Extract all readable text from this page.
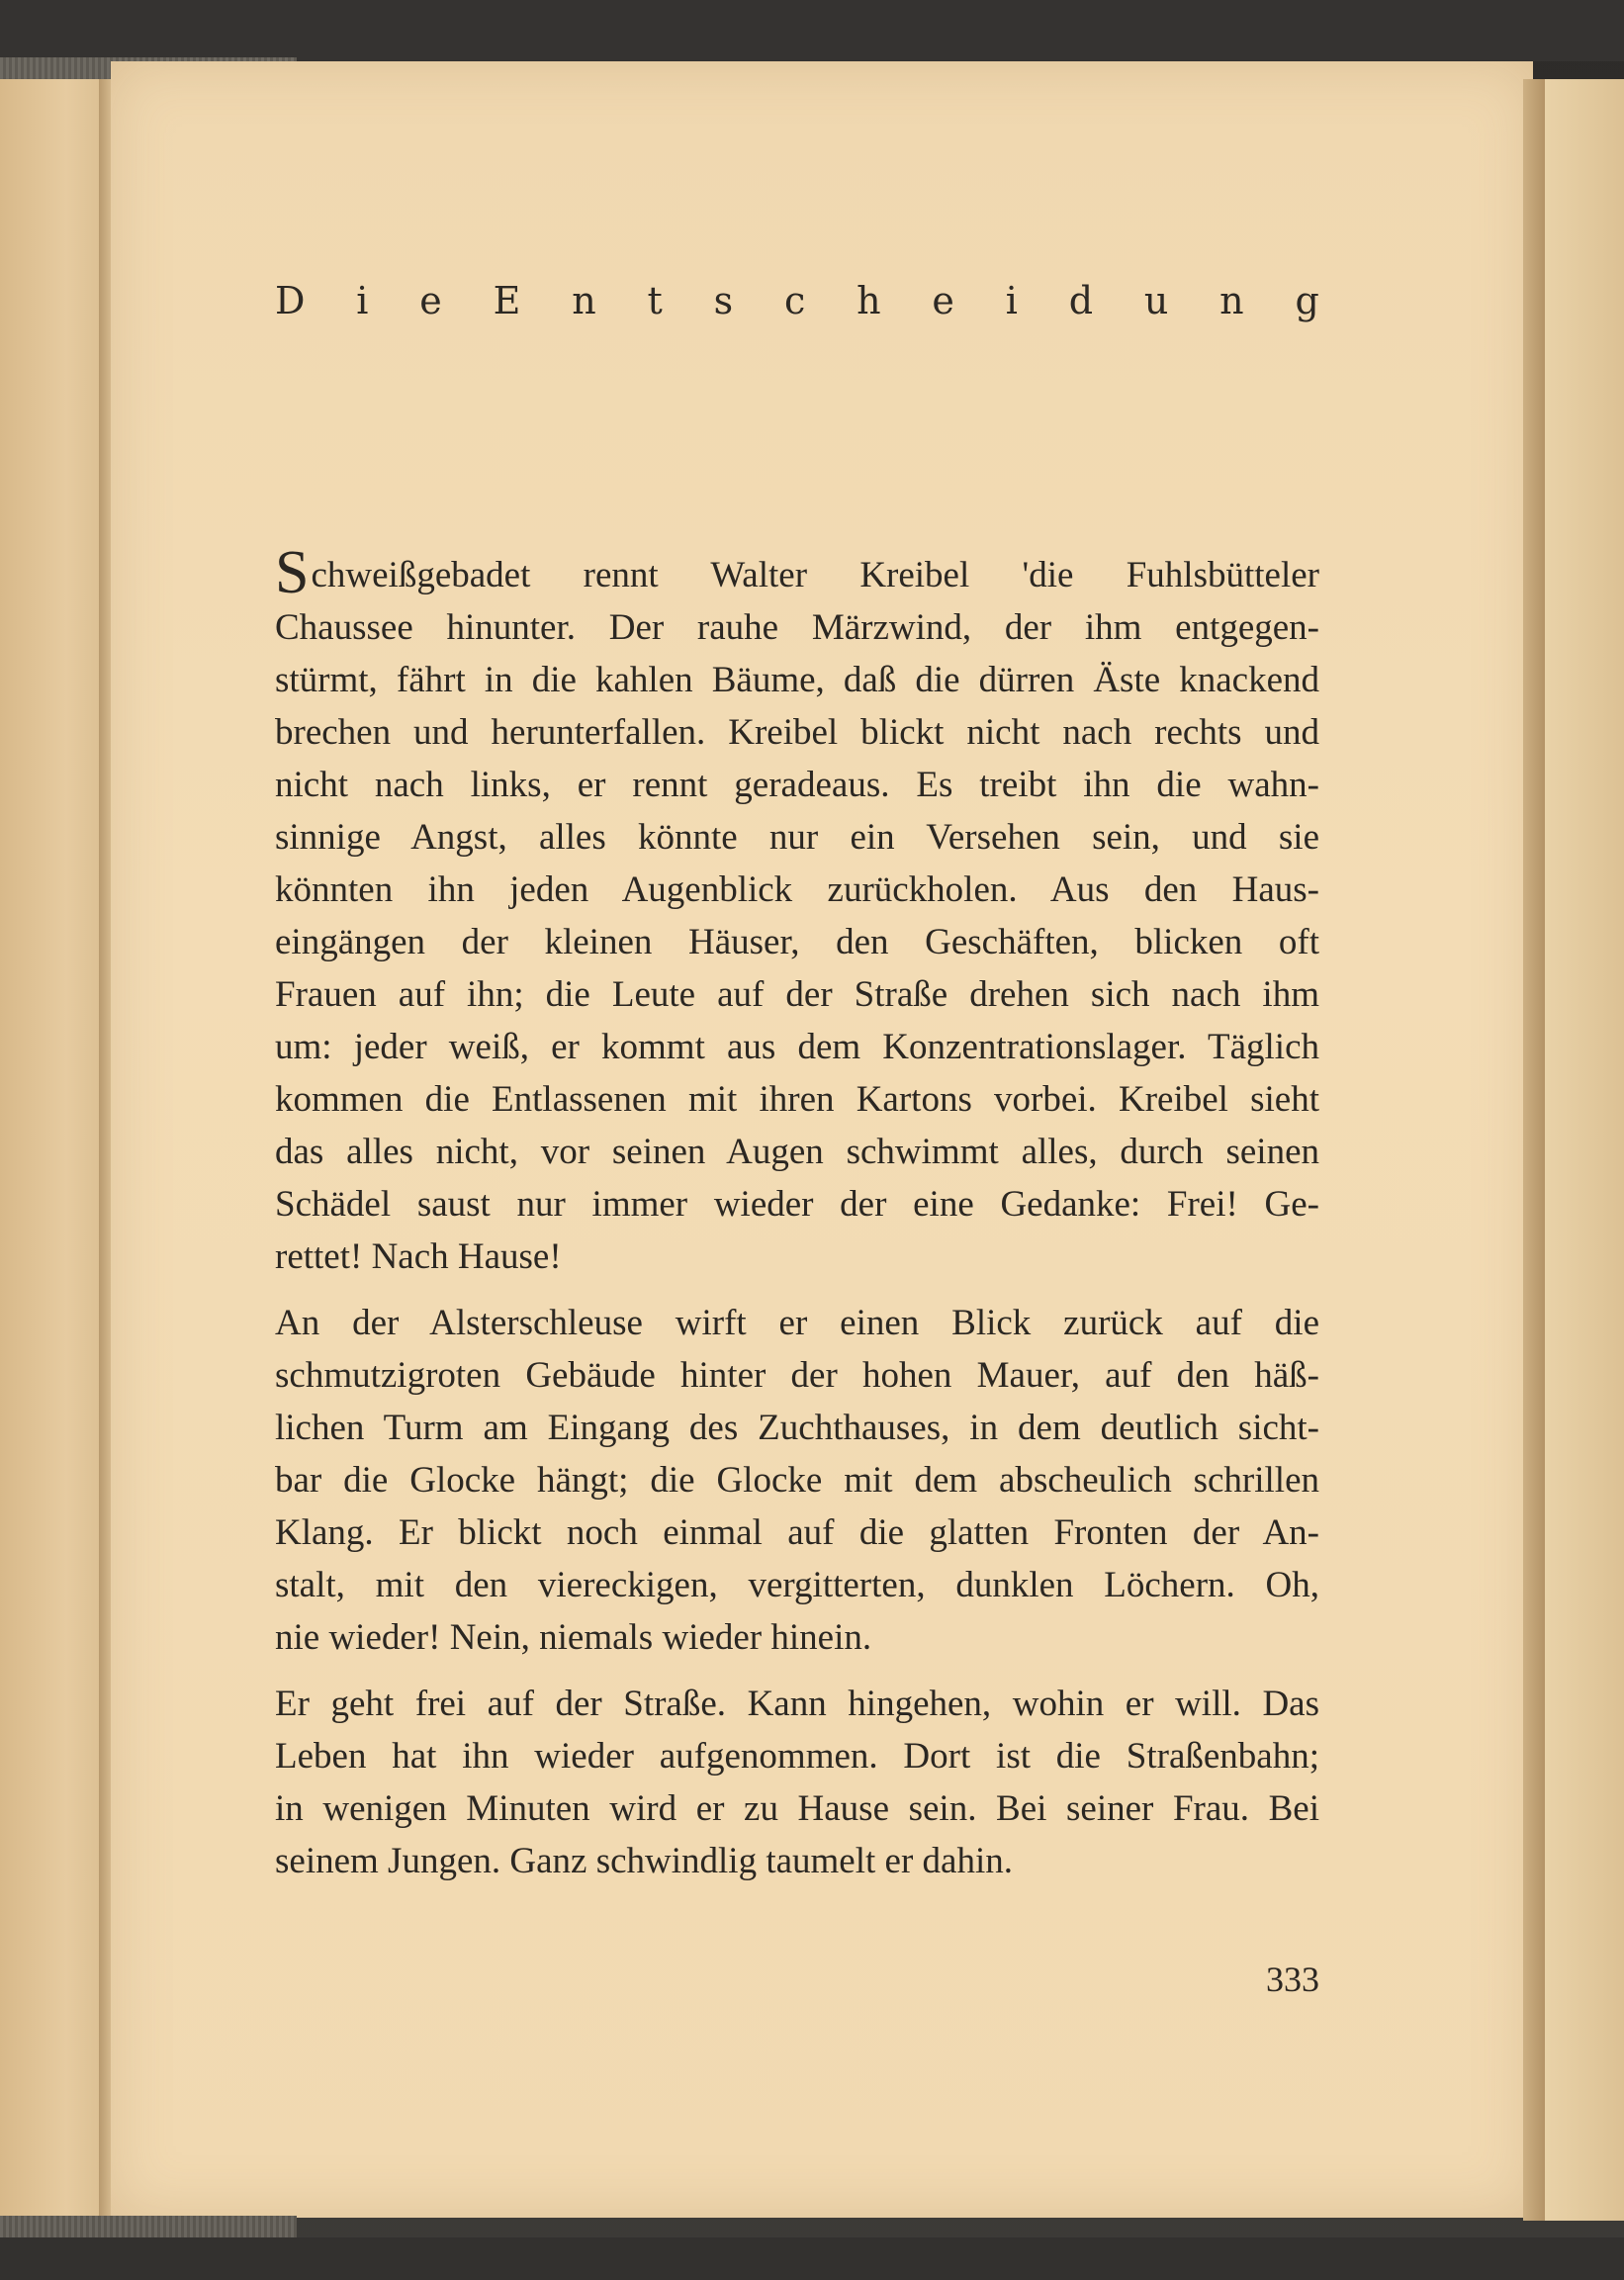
D i e E n t s c h e i d u n g
Schweißgebadet rennt Walter Kreibel 'die Fuhlsbütteler
Chaussee hinunter. Der rauhe Märzwind, der ihm entgegen-
stürmt, fährt in die kahlen Bäume, daß die dürren Äste knackend
brechen und herunterfallen. Kreibel blickt nicht nach rechts und
nicht nach links, er rennt geradeaus. Es treibt ihn die wahn-
sinnige Angst, alles könnte nur ein Versehen sein, und sie
könnten ihn jeden Augenblick zurückholen. Aus den Haus-
eingängen der kleinen Häuser, den Geschäften, blicken oft
Frauen auf ihn; die Leute auf der Straße drehen sich nach ihm
um: jeder weiß, er kommt aus dem Konzentrationslager. Täglich
kommen die Entlassenen mit ihren Kartons vorbei. Kreibel sieht
das alles nicht, vor seinen Augen schwimmt alles, durch seinen
Schädel saust nur immer wieder der eine Gedanke: Frei! Ge-
rettet! Nach Hause!
An der Alsterschleuse wirft er einen Blick zurück auf die
schmutzigroten Gebäude hinter der hohen Mauer, auf den häß-
lichen Turm am Eingang des Zuchthauses, in dem deutlich sicht-
bar die Glocke hängt; die Glocke mit dem abscheulich schrillen
Klang. Er blickt noch einmal auf die glatten Fronten der An-
stalt, mit den viereckigen, vergitterten, dunklen Löchern. Oh,
nie wieder! Nein, niemals wieder hinein.
Er geht frei auf der Straße. Kann hingehen, wohin er will. Das
Leben hat ihn wieder aufgenommen. Dort ist die Straßenbahn;
in wenigen Minuten wird er zu Hause sein. Bei seiner Frau. Bei
seinem Jungen. Ganz schwindlig taumelt er dahin.
333
